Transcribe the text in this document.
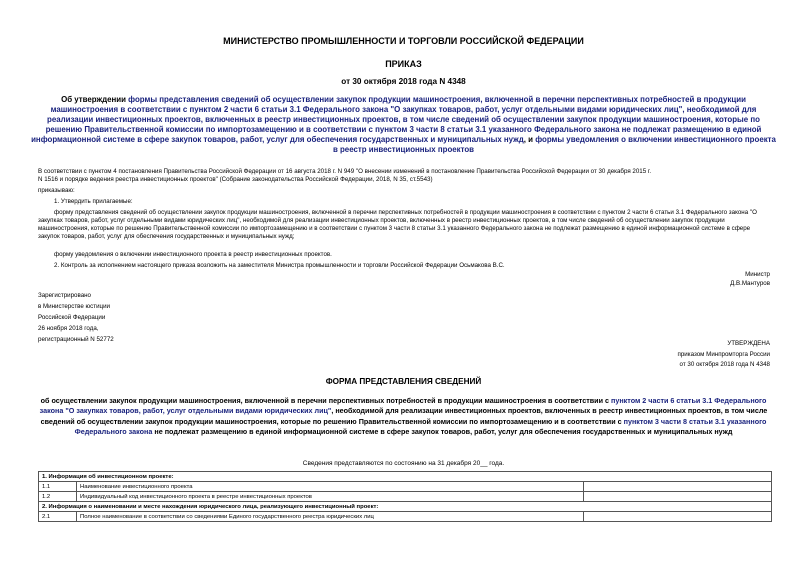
МИНИСТЕРСТВО ПРОМЫШЛЕННОСТИ И ТОРГОВЛИ РОССИЙСКОЙ ФЕДЕРАЦИИ
ПРИКАЗ
от 30 октября 2018 года N 4348
Об утверждении формы представления сведений об осуществлении закупок продукции машиностроения, включенной в перечни перспективных потребностей в продукции машиностроения в соответствии с пунктом 2 части 6 статьи 3.1 Федерального закона "О закупках товаров, работ, услуг отдельными видами юридических лиц", необходимой для реализации инвестиционных проектов, включенных в реестр инвестиционных проектов, в том числе сведений об осуществлении закупок продукции машиностроения, которые по решению Правительственной комиссии по импортозамещению и в соответствии с пунктом 3 части 8 статьи 3.1 указанного Федерального закона не подлежат размещению в единой информационной системе в сфере закупок товаров, работ, услуг для обеспечения государственных и муниципальных нужд, и формы уведомления о включении инвестиционного проекта в реестр инвестиционных проектов
В соответствии с пунктом 4 постановления Правительства Российской Федерации от 16 августа 2018 г. N 949 "О внесении изменений в постановление Правительства Российской Федерации от 30 декабря 2015 г.
N 1516 и порядке ведения реестра инвестиционных проектов" (Собрание законодательства Российской Федерации, 2018, N 35, ст.5543)
приказываю:
1. Утвердить прилагаемые:
форму представления сведений об осуществлении закупок продукции машиностроения, включенной в перечни перспективных потребностей в продукции машиностроения в соответствии с пунктом 2 части 6 статьи 3.1 Федерального закона "О закупках товаров, работ, услуг отдельными видами юридических лиц", необходимой для реализации инвестиционных проектов, включенных в реестр инвестиционных проектов, в том числе сведений об осуществлении закупок продукции машиностроения, которые по решению Правительственной комиссии по импортозамещению и в соответствии с пунктом 3 части 8 статьи 3.1 указанного Федерального закона не подлежат размещению в единой информационной системе в сфере закупок товаров, работ, услуг для обеспечения государственных и муниципальных нужд;
форму уведомления о включении инвестиционного проекта в реестр инвестиционных проектов.
2. Контроль за исполнением настоящего приказа возложить на заместителя Министра промышленности и торговли Российской Федерации Осьмакова В.С.
Министр
Д.В.Мантуров
Зарегистрировано
в Министерстве юстиции
Российской Федерации
26 ноября 2018 года,
регистрационный N 52772
УТВЕРЖДЕНА
приказом Минпромторга России
от 30 октября 2018 года N 4348
ФОРМА ПРЕДСТАВЛЕНИЯ СВЕДЕНИЙ
об осуществлении закупок продукции машиностроения, включенной в перечни перспективных потребностей в продукции машиностроения в соответствии с пунктом 2 части 6 статьи 3.1 Федерального закона "О закупках товаров, работ, услуг отдельными видами юридических лиц", необходимой для реализации инвестиционных проектов, включенных в реестр инвестиционных проектов, в том числе сведений об осуществлении закупок продукции машиностроения, которые по решению Правительственной комиссии по импортозамещению и в соответствии с пунктом 3 части 8 статьи 3.1 указанного Федерального закона не подлежат размещению в единой информационной системе в сфере закупок товаров, работ, услуг для обеспечения государственных и муниципальных нужд
Сведения представляются по состоянию на 31 декабря 20__ года.
1. Информация об инвестиционном проекте:		
1.1	Наименование инвестиционного проекта	
1.2	Индивидуальный код инвестиционного проекта в реестре инвестиционных проектов	
2. Информация о наименовании и месте нахождения юридического лица, реализующего инвестиционный проект:		
2.1	Полное наименование в соответствии со сведениями Единого государственного реестра юридических лиц	
